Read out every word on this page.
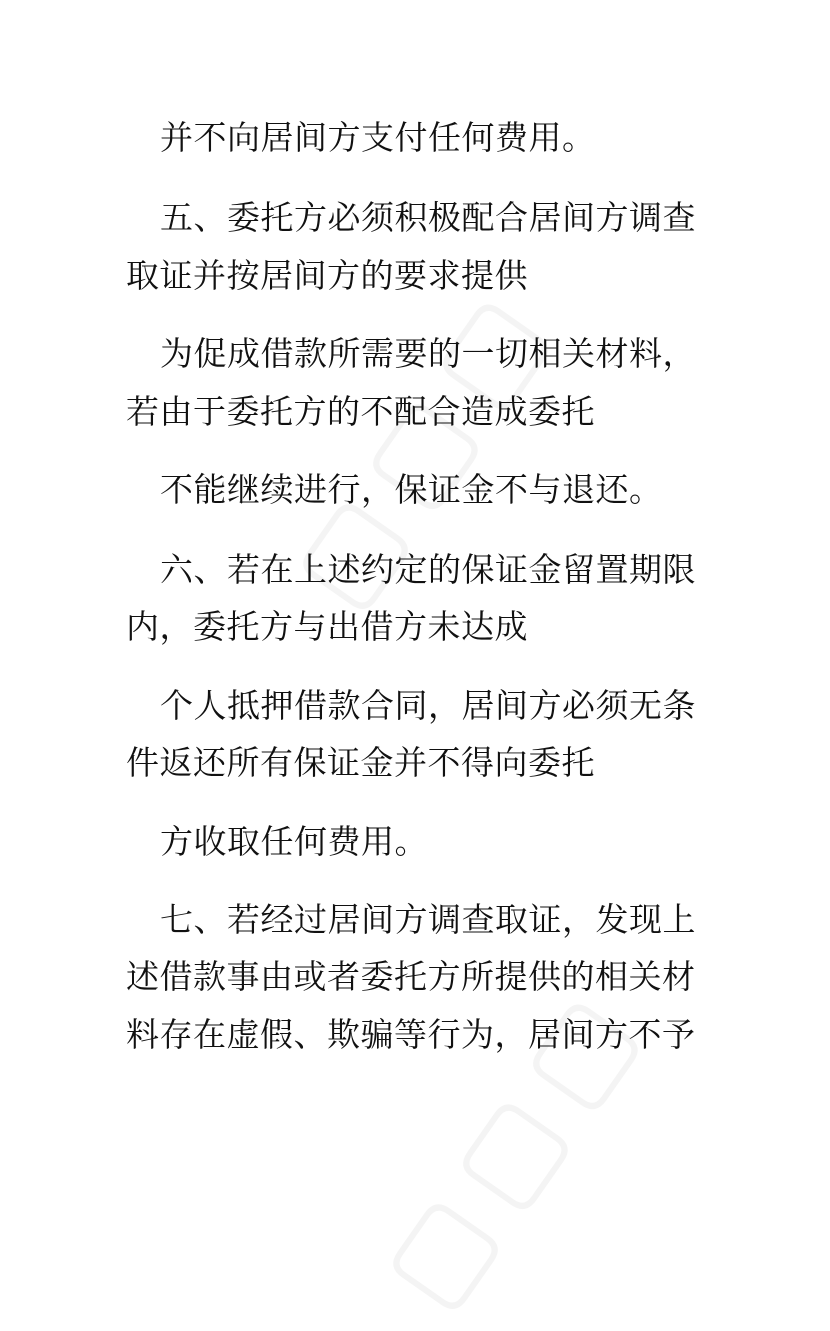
并不向居间方支付任何费用。
五、委托方必须积极配合居间方调查
取证并按居间方的要求提供
为促成借款所需要的一切相关材料，
若由于委托方的不配合造成委托
不能继续进行，保证金不与退还。
六、若在上述约定的保证金留置期限
内，委托方与出借方未达成
个人抵押借款合同，居间方必须无条
件返还所有保证金并不得向委托
方收取任何费用。
七、若经过居间方调查取证，发现上
述借款事由或者委托方所提供的相关材
料存在虚假、欺骗等行为，居间方不予
